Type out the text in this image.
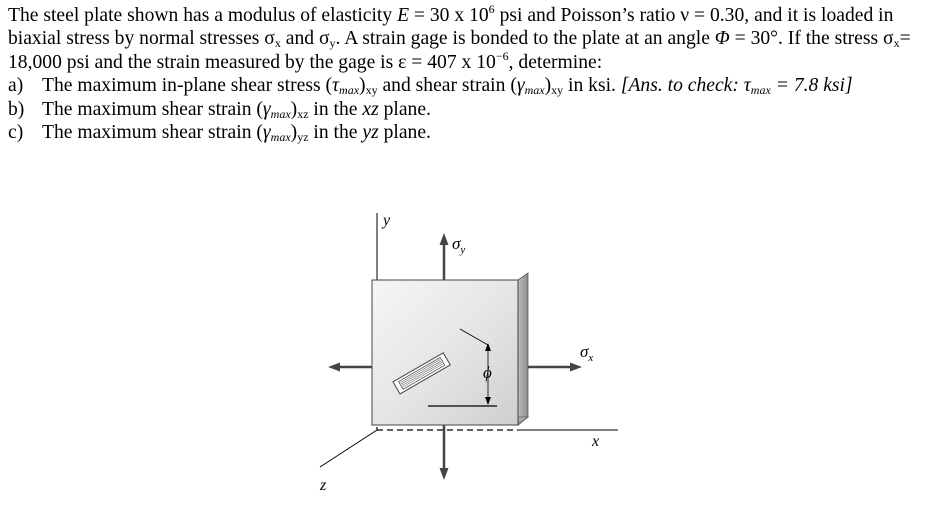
The steel plate shown has a modulus of elasticity E = 30 x $10^6$ psi and Poisson’s ratio ν = 0.30, and it is loaded in biaxial stress by normal stresses $\sigma_x$ and $\sigma_y$. A strain gage is bonded to the plate at an angle Φ = 30°. If the stress $\sigma_x= 18,000$ psi and the strain measured by the gage is ε = 407 x $10^{-6}$, determine:

a) The maximum in-plane shear stress $(\tau_{max})_{xy}$ and shear strain $(\gamma_{max})_{xy}$ in ksi. [Ans. to check: $\tau_{max} = 7.8$ ksi]
b) The maximum shear strain $(\gamma_{max})_{xz}$ in the xz plane.
c) The maximum shear strain $(\gamma_{max})_{yz}$ in the yz plane.
y
x
z
ϕ
$\sigma_y$
$\sigma_x$
